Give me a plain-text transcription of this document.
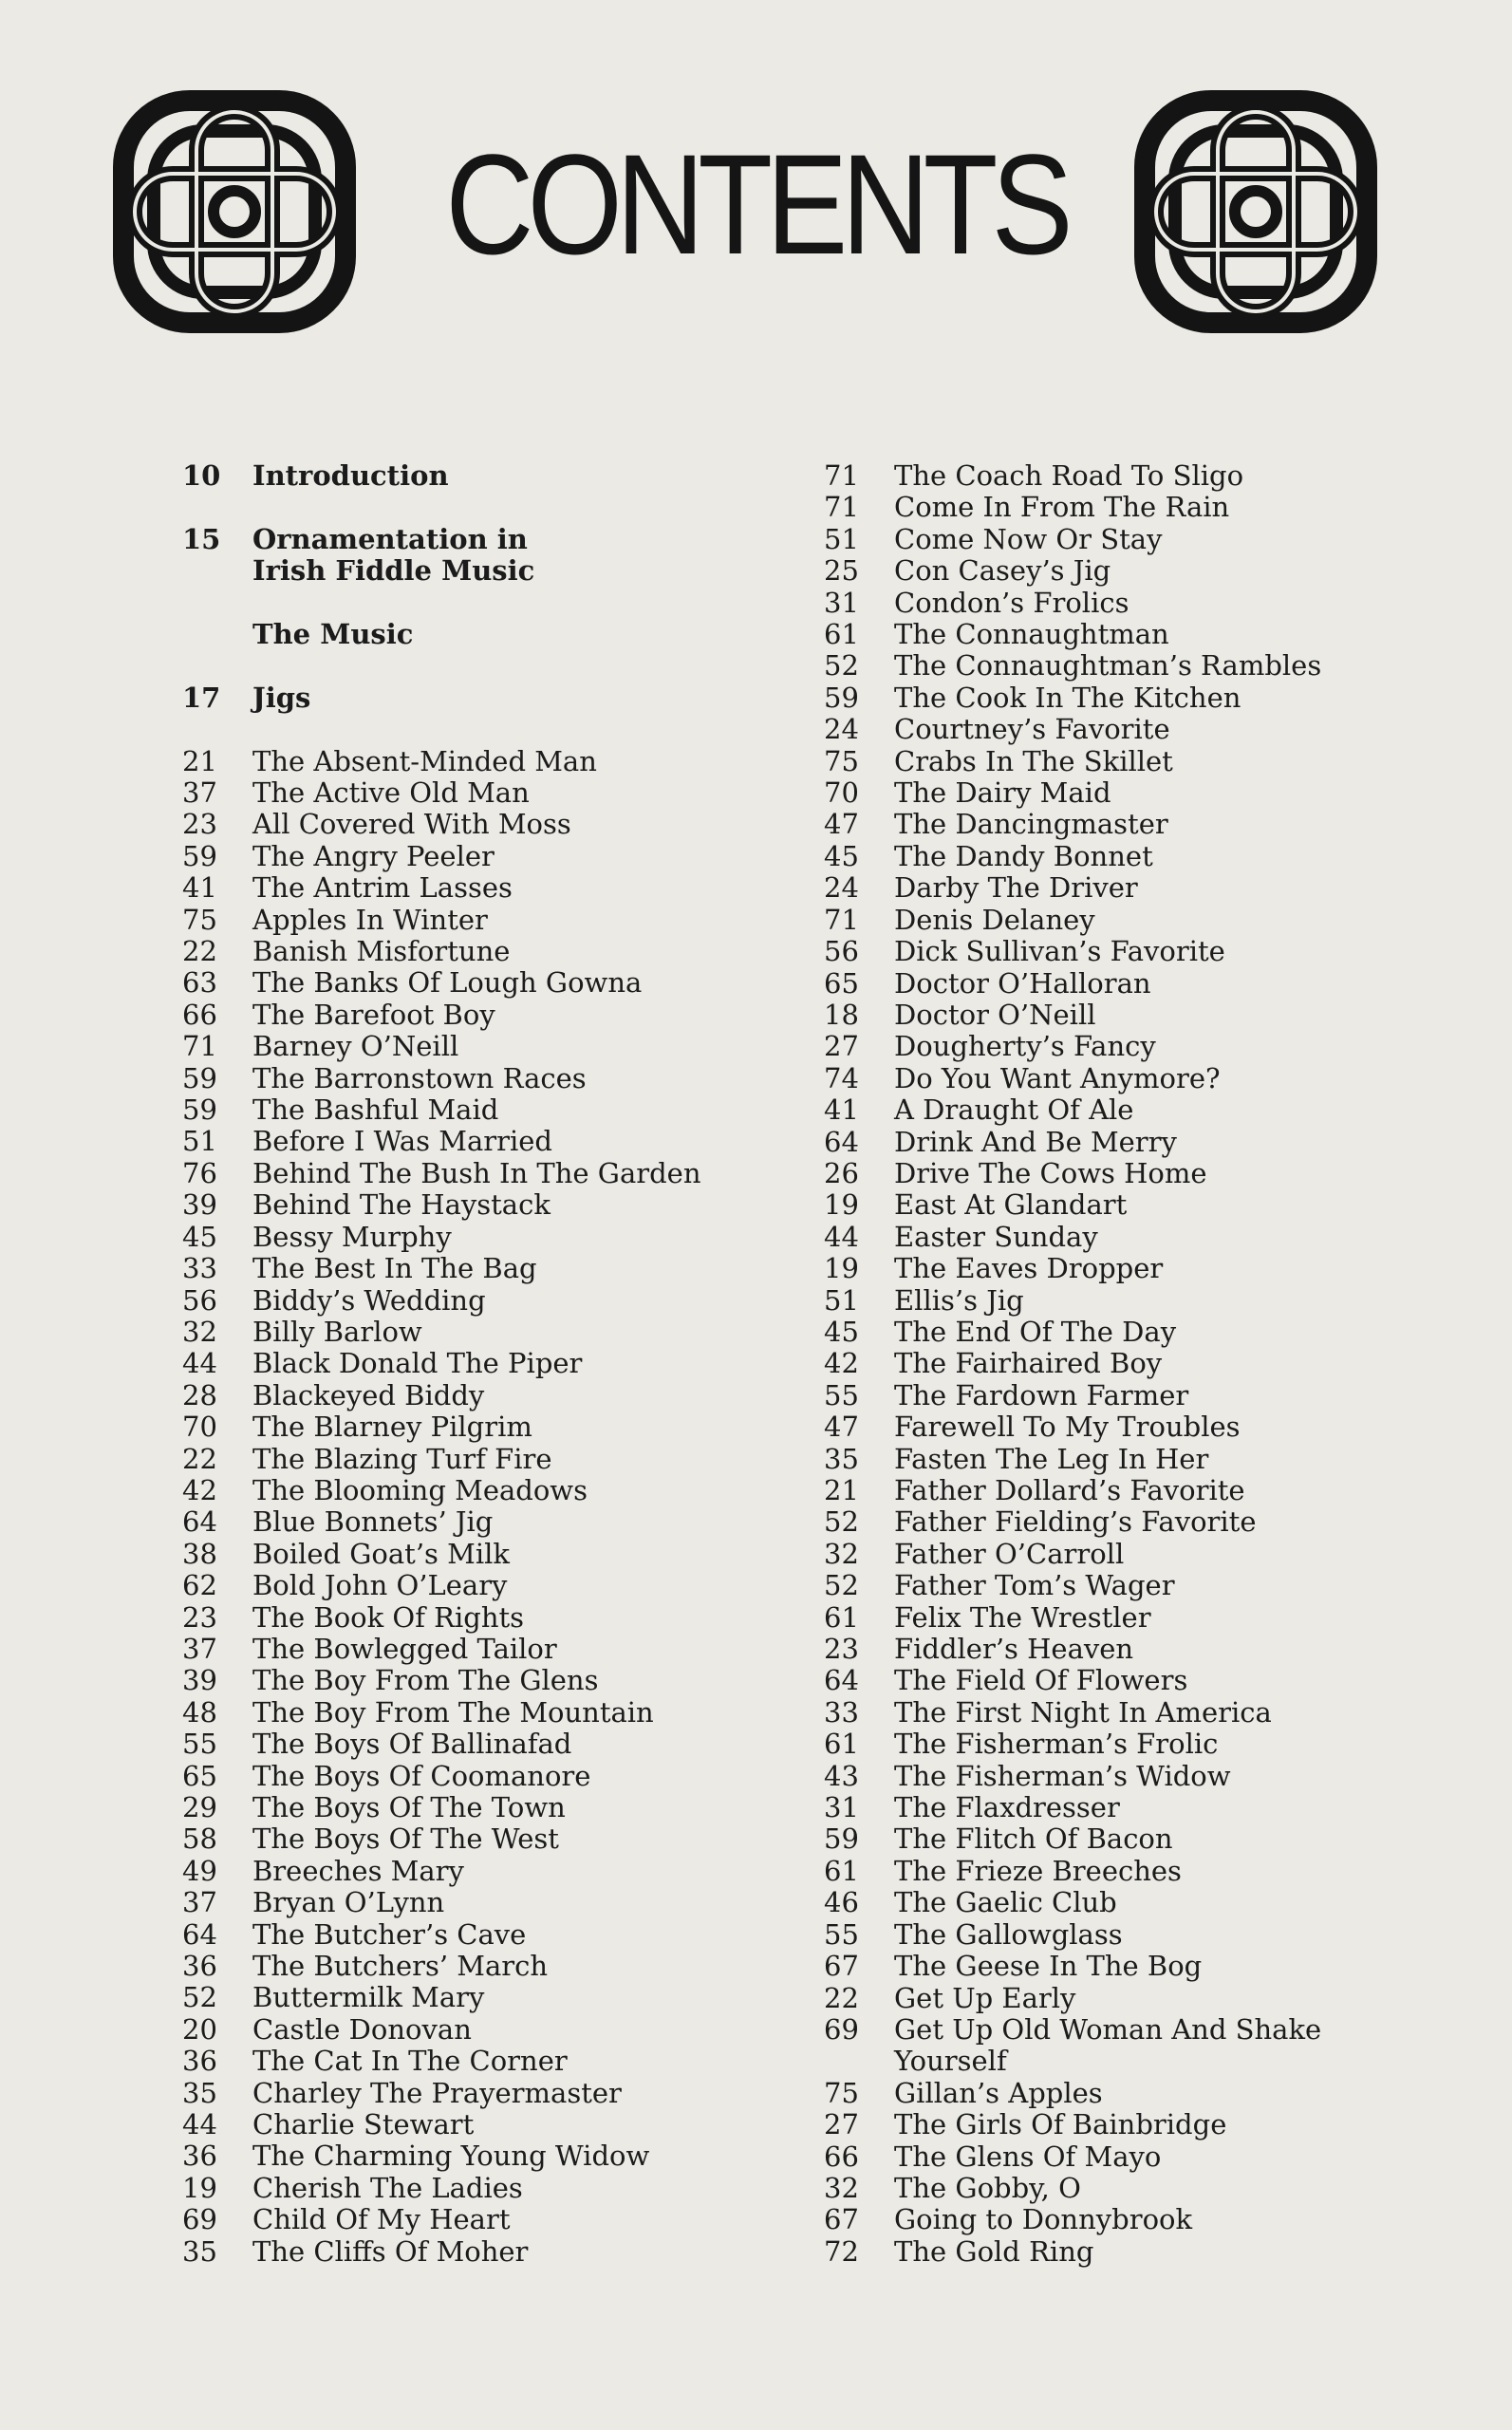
CONTENTS
10	Introduction
15	Ornamentation in
Irish Fiddle Music
The Music
17	Jigs
21	The Absent-Minded Man
37	The Active Old Man
23	All Covered With Moss
59	The Angry Peeler
41	The Antrim Lasses
75	Apples In Winter
22	Banish Misfortune
63	The Banks Of Lough Gowna
66	The Barefoot Boy
71	Barney O’Neill
59	The Barronstown Races
59	The Bashful Maid
51	Before I Was Married
76	Behind The Bush In The Garden
39	Behind The Haystack
45	Bessy Murphy
33	The Best In The Bag
56	Biddy’s Wedding
32	Billy Barlow
44	Black Donald The Piper
28	Blackeyed Biddy
70	The Blarney Pilgrim
22	The Blazing Turf Fire
42	The Blooming Meadows
64	Blue Bonnets’ Jig
38	Boiled Goat’s Milk
62	Bold John O’Leary
23	The Book Of Rights
37	The Bowlegged Tailor
39	The Boy From The Glens
48	The Boy From The Mountain
55	The Boys Of Ballinafad
65	The Boys Of Coomanore
29	The Boys Of The Town
58	The Boys Of The West
49	Breeches Mary
37	Bryan O’Lynn
64	The Butcher’s Cave
36	The Butchers’ March
52	Buttermilk Mary
20	Castle Donovan
36	The Cat In The Corner
35	Charley The Prayermaster
44	Charlie Stewart
36	The Charming Young Widow
19	Cherish The Ladies
69	Child Of My Heart
35	The Cliffs Of Moher
71	The Coach Road To Sligo
71	Come In From The Rain
51	Come Now Or Stay
25	Con Casey’s Jig
31	Condon’s Frolics
61	The Connaughtman
52	The Connaughtman’s Rambles
59	The Cook In The Kitchen
24	Courtney’s Favorite
75	Crabs In The Skillet
70	The Dairy Maid
47	The Dancingmaster
45	The Dandy Bonnet
24	Darby The Driver
71	Denis Delaney
56	Dick Sullivan’s Favorite
65	Doctor O’Halloran
18	Doctor O’Neill
27	Dougherty’s Fancy
74	Do You Want Anymore?
41	A Draught Of Ale
64	Drink And Be Merry
26	Drive The Cows Home
19	East At Glandart
44	Easter Sunday
19	The Eaves Dropper
51	Ellis’s Jig
45	The End Of The Day
42	The Fairhaired Boy
55	The Fardown Farmer
47	Farewell To My Troubles
35	Fasten The Leg In Her
21	Father Dollard’s Favorite
52	Father Fielding’s Favorite
32	Father O’Carroll
52	Father Tom’s Wager
61	Felix The Wrestler
23	Fiddler’s Heaven
64	The Field Of Flowers
33	The First Night In America
61	The Fisherman’s Frolic
43	The Fisherman’s Widow
31	The Flaxdresser
59	The Flitch Of Bacon
61	The Frieze Breeches
46	The Gaelic Club
55	The Gallowglass
67	The Geese In The Bog
22	Get Up Early
69	Get Up Old Woman And Shake
Yourself
75	Gillan’s Apples
27	The Girls Of Bainbridge
66	The Glens Of Mayo
32	The Gobby, O
67	Going to Donnybrook
72	The Gold Ring
